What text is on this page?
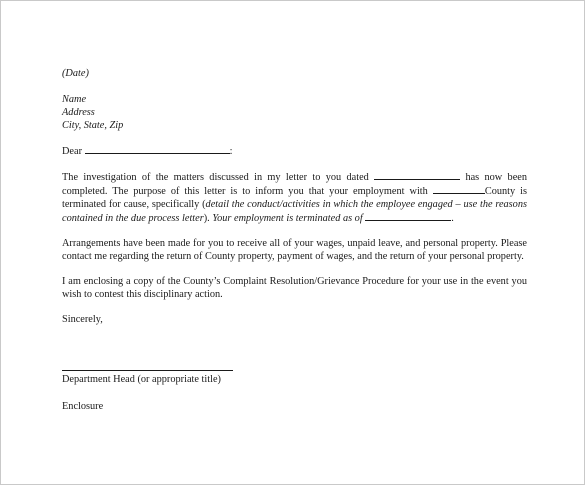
(Date)

Name
Address
City, State, Zip

Dear	:

The investigation of the matters discussed in my letter to you dated	has now been completed. The purpose of this letter is to inform you that your employment with	County is terminated for cause, specifically (detail the conduct/activities in which the employee engaged – use the reasons contained in the due process letter). Your employment is terminated as of	.

Arrangements have been made for you to receive all of your wages, unpaid leave, and personal property. Please contact me regarding the return of County property, payment of wages, and the return of your personal property.

I am enclosing a copy of the County’s Complaint Resolution/Grievance Procedure for your use in the event you wish to contest this disciplinary action.

Sincerely,

Department Head (or appropriate title)

Enclosure
